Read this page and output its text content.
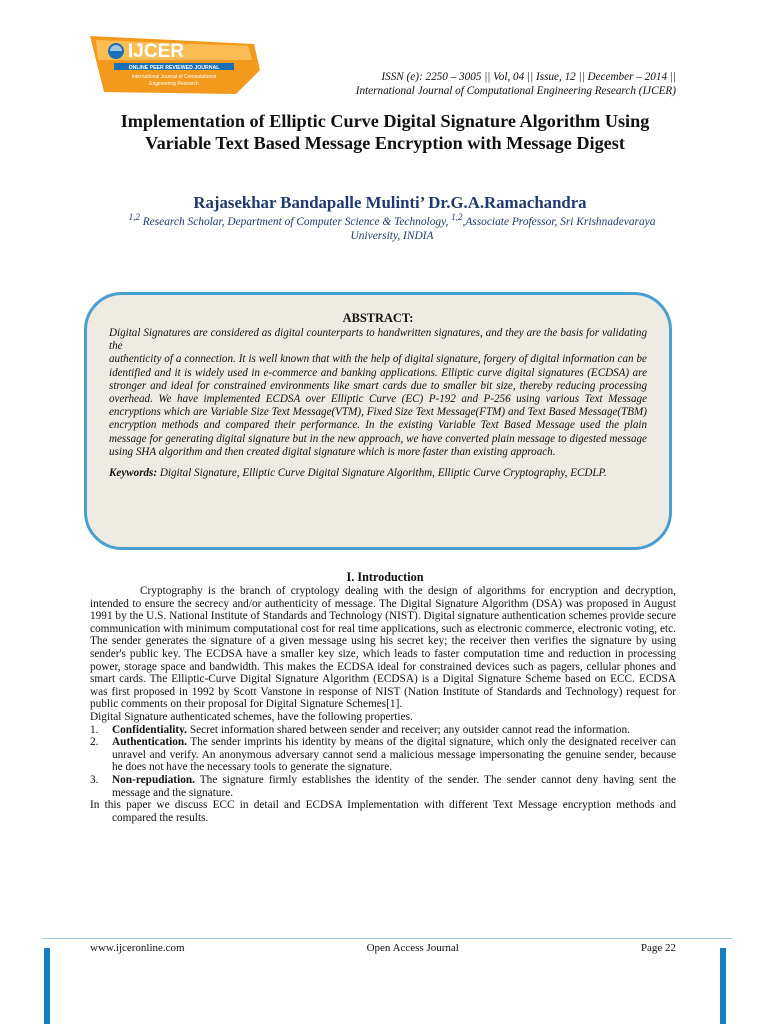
IJCER
ONLINE PEER REVIEWED JOURNAL
International Journal of Computational
Engineering Research
ISSN (e): 2250 – 3005 || Vol, 04 || Issue, 12 || December – 2014 ||
International Journal of Computational Engineering Research (IJCER)
Implementation of Elliptic Curve Digital Signature Algorithm Using Variable Text Based Message Encryption with Message Digest
Rajasekhar Bandapalle Mulinti’ Dr.G.A.Ramachandra
$^{1,2}$ Research Scholar, Department of Computer Science & Technology, $^{1,2}$,Associate Professor, Sri Krishnadevaraya University, INDIA
ABSTRACT:

Digital Signatures are considered as digital counterparts to handwritten signatures, and they are the basis for validating the

authenticity of a connection. It is well known that with the help of digital signature, forgery of digital information can be identified and it is widely used in e-commerce and banking applications. Elliptic curve digital signatures (ECDSA) are stronger and ideal for constrained environments like smart cards due to smaller bit size, thereby reducing processing overhead. We have implemented ECDSA over Elliptic Curve (EC) P-192 and P-256 using various Text Message encryptions which are Variable Size Text Message(VTM), Fixed Size Text Message(FTM) and Text Based Message(TBM) encryption methods and compared their performance. In the existing Variable Text Based Message used the plain message for generating digital signature but in the new approach, we have converted plain message to digested message using SHA algorithm and then created digital signature which is more faster than existing approach.

Keywords: Digital Signature, Elliptic Curve Digital Signature Algorithm, Elliptic Curve Cryptography, ECDLP.
I. Introduction

Cryptography is the branch of cryptology dealing with the design of algorithms for encryption and decryption, intended to ensure the secrecy and/or authenticity of message. The Digital Signature Algorithm (DSA) was proposed in August 1991 by the U.S. National Institute of Standards and Technology (NIST). Digital signature authentication schemes provide secure communication with minimum computational cost for real time applications, such as electronic commerce, electronic voting, etc. The sender generates the signature of a given message using his secret key; the receiver then verifies the signature by using sender's public key. The ECDSA have a smaller key size, which leads to faster computation time and reduction in processing power, storage space and bandwidth. This makes the ECDSA ideal for constrained devices such as pagers, cellular phones and smart cards. The Elliptic-Curve Digital Signature Algorithm (ECDSA) is a Digital Signature Scheme based on ECC. ECDSA was first proposed in 1992 by Scott Vanstone in response of NIST (Nation Institute of Standards and Technology) request for public comments on their proposal for Digital Signature Schemes[1].

Digital Signature authenticated schemes, have the following properties.

1.	Confidentiality. Secret information shared between sender and receiver; any outsider cannot read the information.
2.	Authentication. The sender imprints his identity by means of the digital signature, which only the designated receiver can unravel and verify. An anonymous adversary cannot send a malicious message impersonating the genuine sender, because he does not have the necessary tools to generate the signature.
3.	Non-repudiation. The signature firmly establishes the identity of the sender. The sender cannot deny having sent the message and the signature.

In this paper we discuss ECC in detail and ECDSA Implementation with different Text Message encryption methods and compared the results.

www.ijceronline.com	Open Access Journal	Page 22
